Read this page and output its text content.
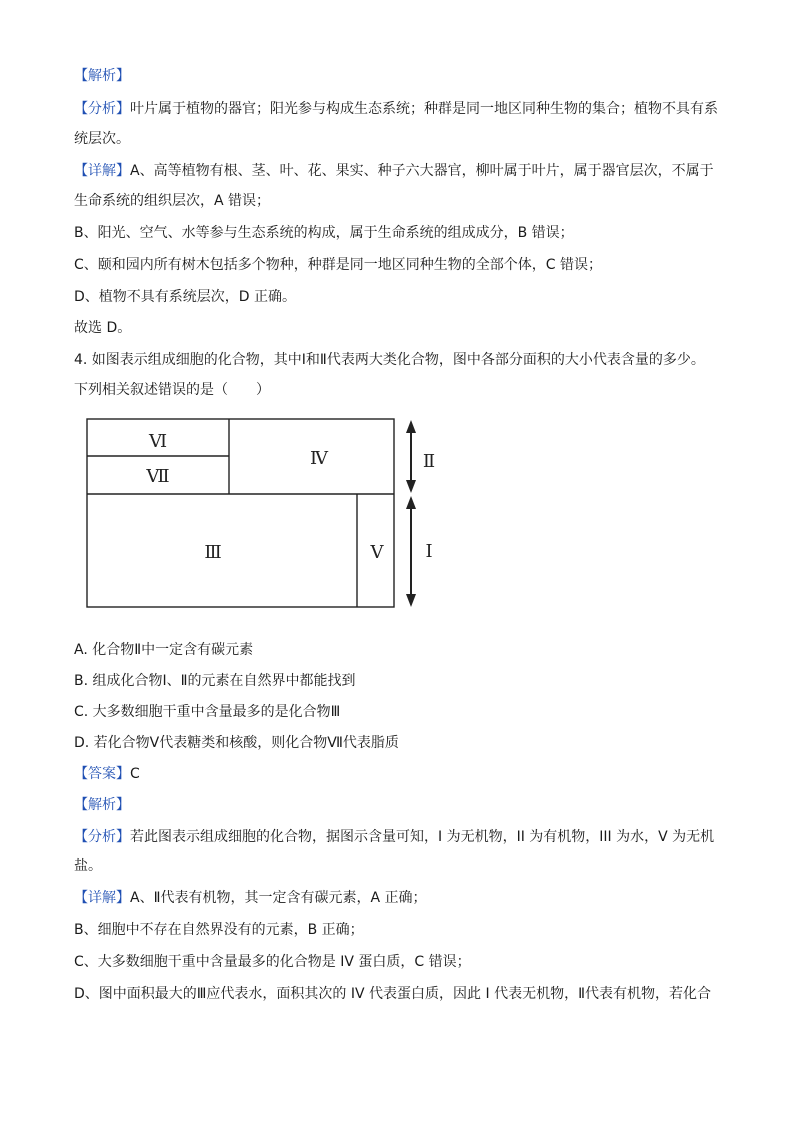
【解析】
【分析】叶片属于植物的器官；阳光参与构成生态系统；种群是同一地区同种生物的集合；植物不具有系
统层次。
【详解】A、高等植物有根、茎、叶、花、果实、种子六大器官，柳叶属于叶片，属于器官层次，不属于
生命系统的组织层次，A 错误；
B、阳光、空气、水等参与生态系统的构成，属于生命系统的组成成分，B 错误；
C、颐和园内所有树木包括多个物种，种群是同一地区同种生物的全部个体，C 错误；
D、植物不具有系统层次，D 正确。
故选 D。
4. 如图表示组成细胞的化合物，其中Ⅰ和Ⅱ代表两大类化合物，图中各部分面积的大小代表含量的多少。
下列相关叙述错误的是（　　）
Ⅵ
Ⅶ
Ⅳ
Ⅲ	Ⅴ
Ⅱ
Ⅰ
A. 化合物Ⅱ中一定含有碳元素
B. 组成化合物Ⅰ、Ⅱ的元素在自然界中都能找到
C. 大多数细胞干重中含量最多的是化合物Ⅲ
D. 若化合物Ⅴ代表糖类和核酸，则化合物Ⅶ代表脂质
【答案】C
【解析】
【分析】若此图表示组成细胞的化合物，据图示含量可知，I 为无机物，II 为有机物，III 为水，V 为无机
盐。
【详解】A、Ⅱ代表有机物，其一定含有碳元素，A 正确；
B、细胞中不存在自然界没有的元素，B 正确；
C、大多数细胞干重中含量最多的化合物是 IV 蛋白质，C 错误；
D、图中面积最大的Ⅲ应代表水，面积其次的 IV 代表蛋白质，因此 I 代表无机物，Ⅱ代表有机物，若化合
